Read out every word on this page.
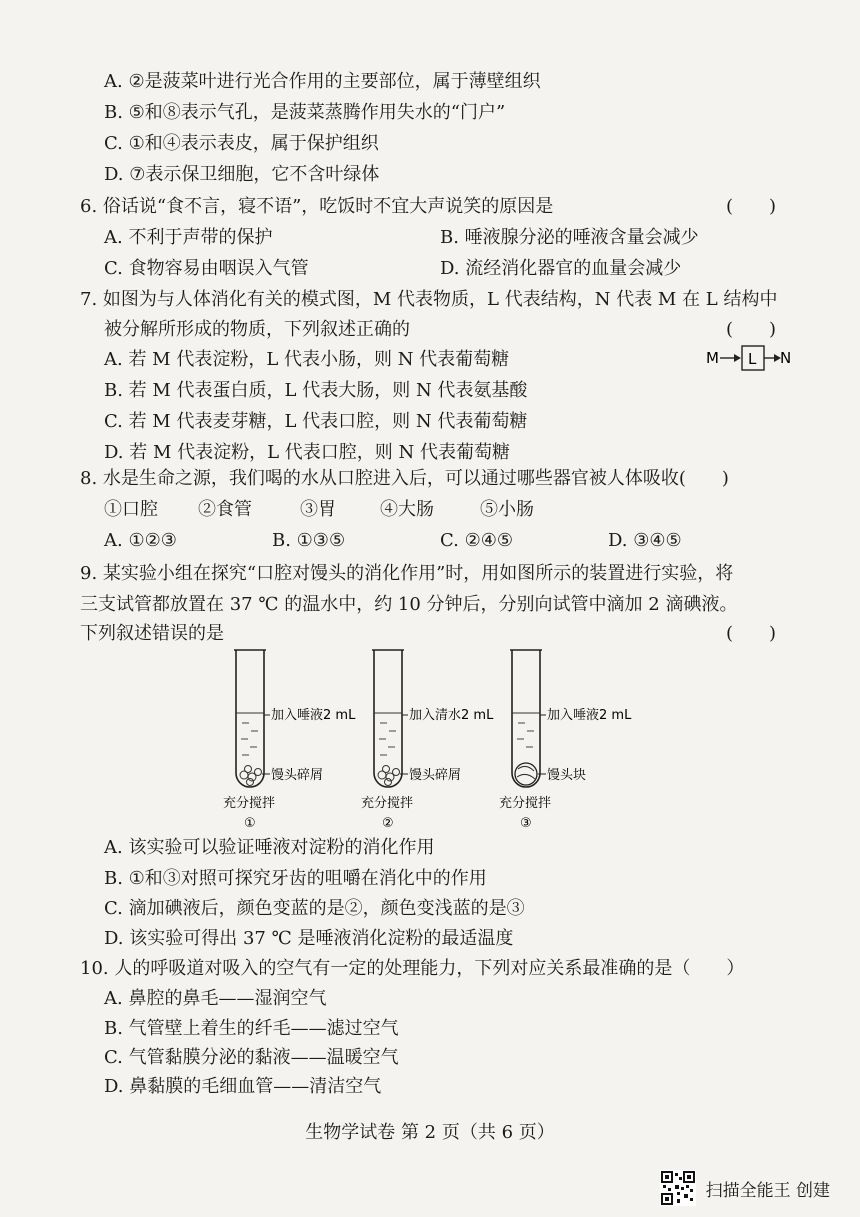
A. ②是菠菜叶进行光合作用的主要部位，属于薄壁组织
B. ⑤和⑧表示气孔，是菠菜蒸腾作用失水的“门户”
C. ①和④表示表皮，属于保护组织
D. ⑦表示保卫细胞，它不含叶绿体
6. 俗话说“食不言，寝不语”，吃饭时不宜大声说笑的原因是	(　　)
A. 不利于声带的保护	B. 唾液腺分泌的唾液含量会减少
C. 食物容易由咽误入气管	D. 流经消化器官的血量会减少
7. 如图为与人体消化有关的模式图，M 代表物质，L 代表结构，N 代表 M 在 L 结构中
被分解所形成的物质，下列叙述正确的	(　　)
A. 若 M 代表淀粉，L 代表小肠，则 N 代表葡萄糖
B. 若 M 代表蛋白质，L 代表大肠，则 N 代表氨基酸
C. 若 M 代表麦芽糖，L 代表口腔，则 N 代表葡萄糖
D. 若 M 代表淀粉，L 代表口腔，则 N 代表葡萄糖
M L N
8. 水是生命之源，我们喝的水从口腔进入后，可以通过哪些器官被人体吸收(　　)
①口腔 ②食管	③胃 ④大肠	⑤小肠
A. ①②③	B. ①③⑤	C. ②④⑤	D. ③④⑤
9. 某实验小组在探究“口腔对馒头的消化作用”时，用如图所示的装置进行实验，将
三支试管都放置在 37 ℃ 的温水中，约 10 分钟后，分别向试管中滴加 2 滴碘液。
下列叙述错误的是	(　　)
加入唾液2 mL
馒头碎屑
充分搅拌
①
加入清水2 mL
馒头碎屑
充分搅拌
②
加入唾液2 mL
馒头块
充分搅拌
③
A. 该实验可以验证唾液对淀粉的消化作用
B. ①和③对照可探究牙齿的咀嚼在消化中的作用
C. 滴加碘液后，颜色变蓝的是②，颜色变浅蓝的是③
D. 该实验可得出 37 ℃ 是唾液消化淀粉的最适温度
10. 人的呼吸道对吸入的空气有一定的处理能力，下列对应关系最准确的是（　　）
A. 鼻腔的鼻毛——湿润空气
B. 气管壁上着生的纤毛——滤过空气
C. 气管黏膜分泌的黏液——温暖空气
D. 鼻黏膜的毛细血管——清洁空气
生物学试卷 第 2 页（共 6 页）
扫描全能王 创建
